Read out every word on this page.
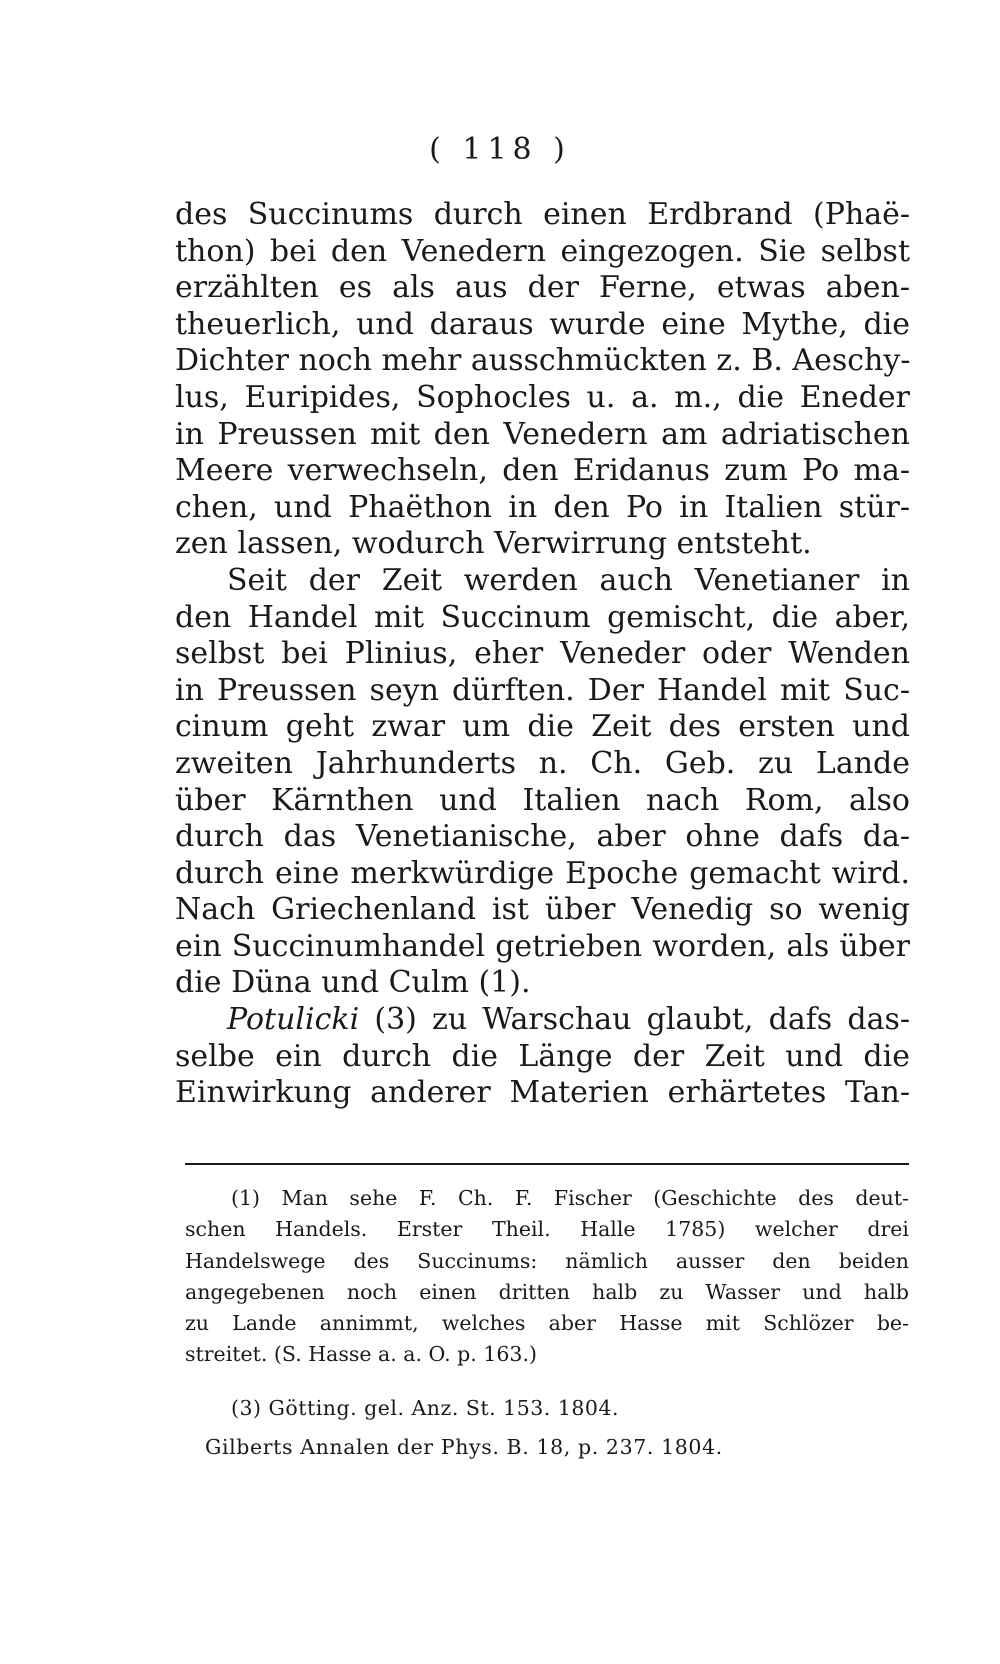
( 118 )
des Succinums durch einen Erdbrand (Phaë-
thon) bei den Venedern eingezogen. Sie selbst
erzählten es als aus der Ferne, etwas aben-
theuerlich, und daraus wurde eine Mythe, die
Dichter noch mehr ausschmückten z. B. Aeschy-
lus, Euripides, Sophocles u. a. m., die Eneder
in Preussen mit den Venedern am adriatischen
Meere verwechseln, den Eridanus zum Po ma-
chen, und Phaëthon in den Po in Italien stür-
zen lassen, wodurch Verwirrung entsteht.
Seit der Zeit werden auch Venetianer in
den Handel mit Succinum gemischt, die aber,
selbst bei Plinius, eher Veneder oder Wenden
in Preussen seyn dürften. Der Handel mit Suc-
cinum geht zwar um die Zeit des ersten und
zweiten Jahrhunderts n. Ch. Geb. zu Lande
über Kärnthen und Italien nach Rom, also
durch das Venetianische, aber ohne dafs da-
durch eine merkwürdige Epoche gemacht wird.
Nach Griechenland ist über Venedig so wenig
ein Succinumhandel getrieben worden, als über
die Düna und Culm (1).
Potulicki (3) zu Warschau glaubt, dafs das-
selbe ein durch die Länge der Zeit und die
Einwirkung anderer Materien erhärtetes Tan-
(1) Man sehe F. Ch. F. Fischer (Geschichte des deut-
schen Handels. Erster Theil. Halle 1785) welcher drei
Handelswege des Succinums: nämlich ausser den beiden
angegebenen noch einen dritten halb zu Wasser und halb
zu Lande annimmt, welches aber Hasse mit Schlözer be-
streitet. (S. Hasse a. a. O. p. 163.)
(3) Götting. gel. Anz. St. 153. 1804.
Gilberts Annalen der Phys. B. 18, p. 237. 1804.
